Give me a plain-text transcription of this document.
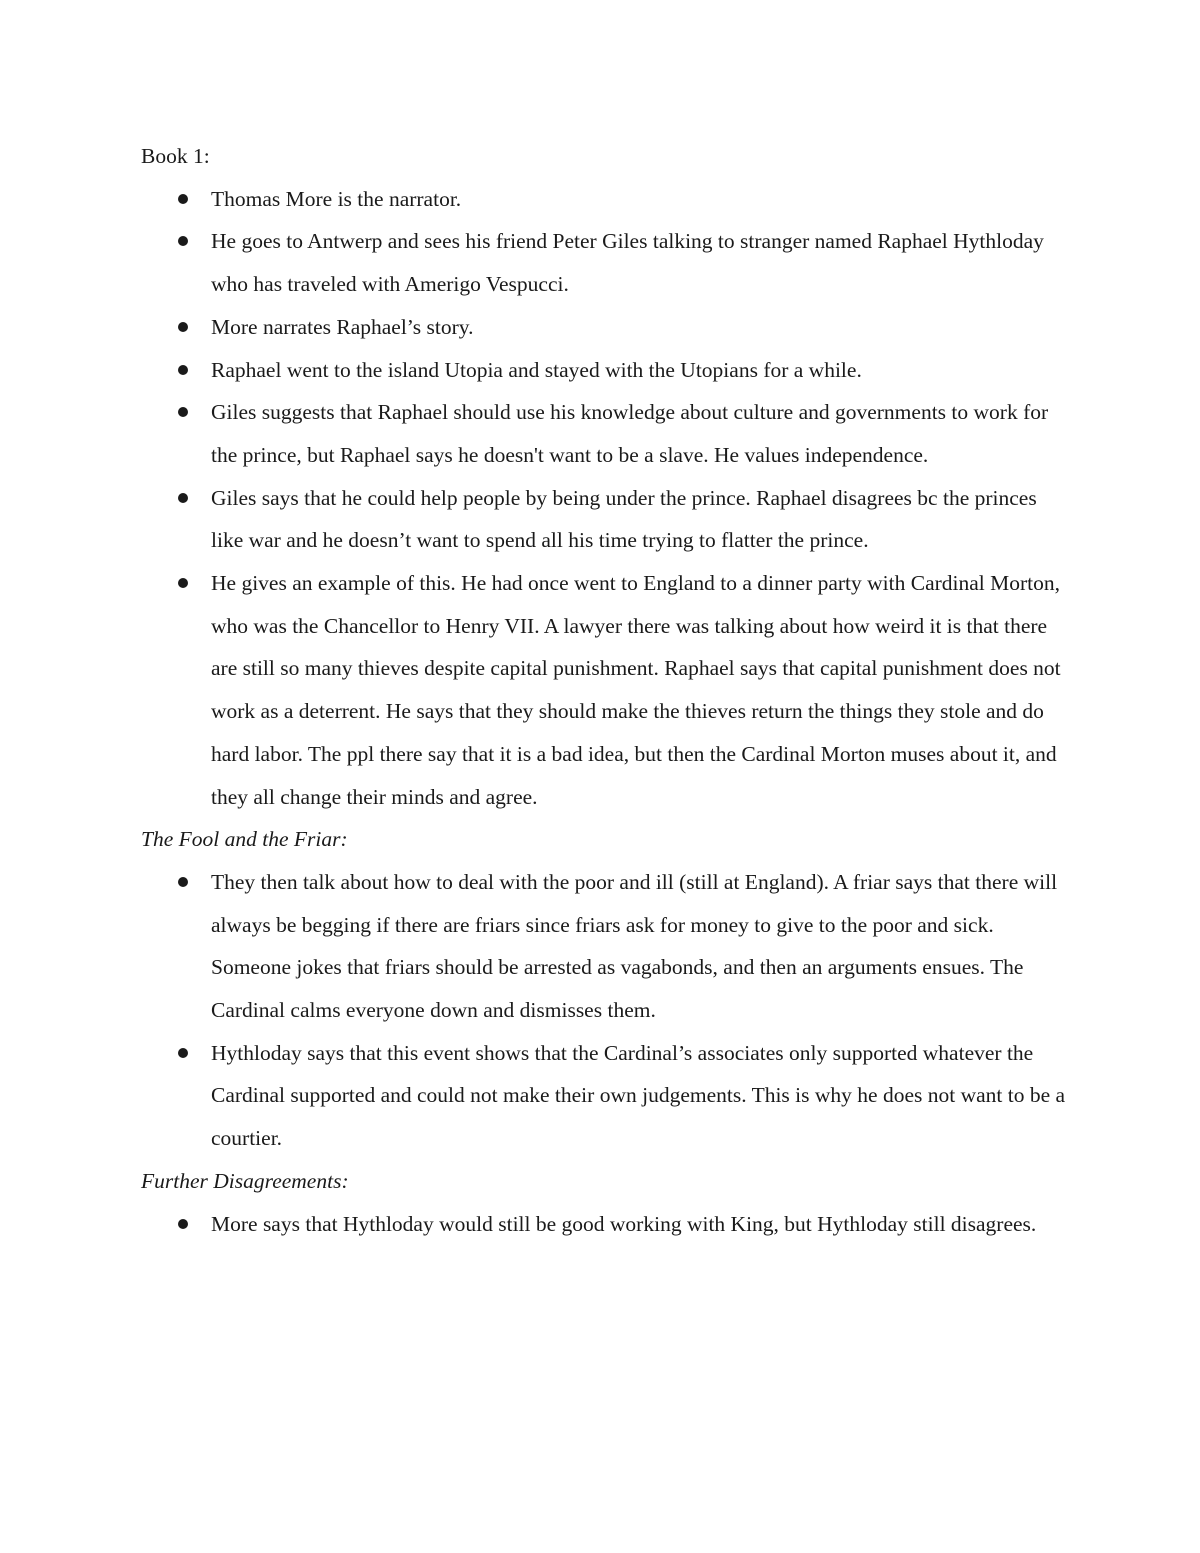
Book 1:

Thomas More is the narrator.
He goes to Antwerp and sees his friend Peter Giles talking to stranger named Raphael Hythloday who has traveled with Amerigo Vespucci.
More narrates Raphael’s story.
Raphael went to the island Utopia and stayed with the Utopians for a while.
Giles suggests that Raphael should use his knowledge about culture and governments to work for the prince, but Raphael says he doesn't want to be a slave. He values independence.
Giles says that he could help people by being under the prince. Raphael disagrees bc the princes like war and he doesn’t want to spend all his time trying to flatter the prince.
He gives an example of this. He had once went to England to a dinner party with Cardinal Morton, who was the Chancellor to Henry VII. A lawyer there was talking about how weird it is that there are still so many thieves despite capital punishment. Raphael says that capital punishment does not work as a deterrent. He says that they should make the thieves return the things they stole and do hard labor. The ppl there say that it is a bad idea, but then the Cardinal Morton muses about it, and they all change their minds and agree.

The Fool and the Friar:

They then talk about how to deal with the poor and ill (still at England). A friar says that there will always be begging if there are friars since friars ask for money to give to the poor and sick. Someone jokes that friars should be arrested as vagabonds, and then an arguments ensues. The Cardinal calms everyone down and dismisses them.
Hythloday says that this event shows that the Cardinal’s associates only supported whatever the Cardinal supported and could not make their own judgements. This is why he does not want to be a courtier.

Further Disagreements:

More says that Hythloday would still be good working with King, but Hythloday still disagrees.
